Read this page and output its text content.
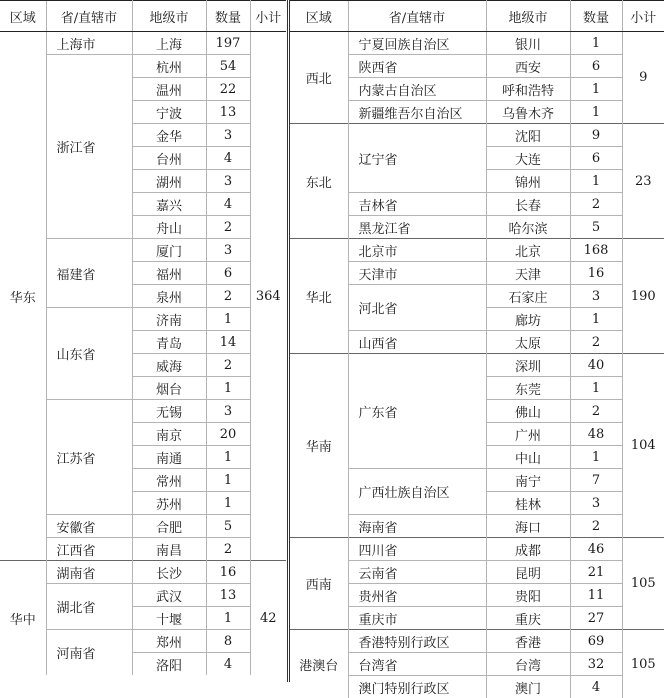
区域	省/直辖市	地级市	数量	小计
华东	上海市	上海	197	364
	浙江省	杭州	54	
		温州	22	
		宁波	13	
		金华	3	
		台州	4	
		湖州	3	
		嘉兴	4	
		舟山	2	
	福建省	厦门	3	
		福州	6	
		泉州	2	
	山东省	济南	1	
		青岛	14	
		威海	2	
		烟台	1	
	江苏省	无锡	3	
		南京	20	
		南通	1	
		常州	1	
		苏州	1	
	安徽省	合肥	5	
	江西省	南昌	2	
华中	湖南省	长沙	16	42
	湖北省	武汉	13	
		十堰	1	
	河南省	郑州	8	
		洛阳	4	
区域	省/直辖市	地级市	数量	小计
西北	宁夏回族自治区	银川	1	9
	陕西省	西安	6	
	内蒙古自治区	呼和浩特	1	
	新疆维吾尔自治区	乌鲁木齐	1	
东北	辽宁省	沈阳	9	23
		大连	6	
		锦州	1	
	吉林省	长春	2	
	黑龙江省	哈尔滨	5	
华北	北京市	北京	168	190
	天津市	天津	16	
	河北省	石家庄	3	
		廊坊	1	
	山西省	太原	2	
华南	广东省	深圳	40	104
		东莞	1	
		佛山	2	
		广州	48	
		中山	1	
	广西壮族自治区	南宁	7	
		桂林	3	
	海南省	海口	2	
西南	四川省	成都	46	105
	云南省	昆明	21	
	贵州省	贵阳	11	
	重庆市	重庆	27	
港澳台	香港特别行政区	香港	69	105
	台湾省	台湾	32	
	澳门特别行政区	澳门	4	
